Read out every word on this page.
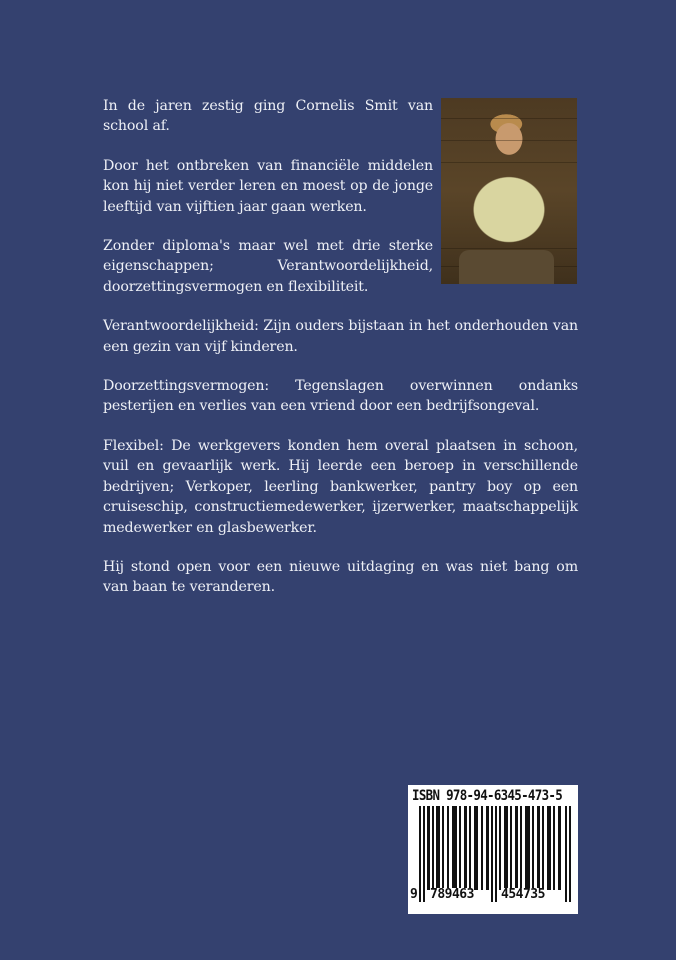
In de jaren zestig ging Cornelis Smit van school af.

Door het ontbreken van financiële middelen kon hij niet verder leren en moest op de jonge leeftijd van vijftien jaar gaan werken.

Zonder diploma's maar wel met drie sterke eigenschappen; Verantwoordelijkheid, doorzettingsvermogen en flexibiliteit.

Verantwoordelijkheid: Zijn ouders bijstaan in het onderhouden van een gezin van vijf kinderen.

Doorzettingsvermogen: Tegenslagen overwinnen ondanks pesterijen en verlies van een vriend door een bedrijfsongeval.

Flexibel: De werkgevers konden hem overal plaatsen in schoon, vuil en gevaarlijk werk. Hij leerde een beroep in verschillende bedrijven; Verkoper, leerling bankwerker, pantry boy op een cruiseschip, constructiemedewerker, ijzerwerker, maatschappelijk medewerker en glasbewerker.

Hij stond open voor een nieuwe uitdaging en was niet bang om van baan te veranderen.

ISBN 978-94-6345-473-5
9 789463 454735
